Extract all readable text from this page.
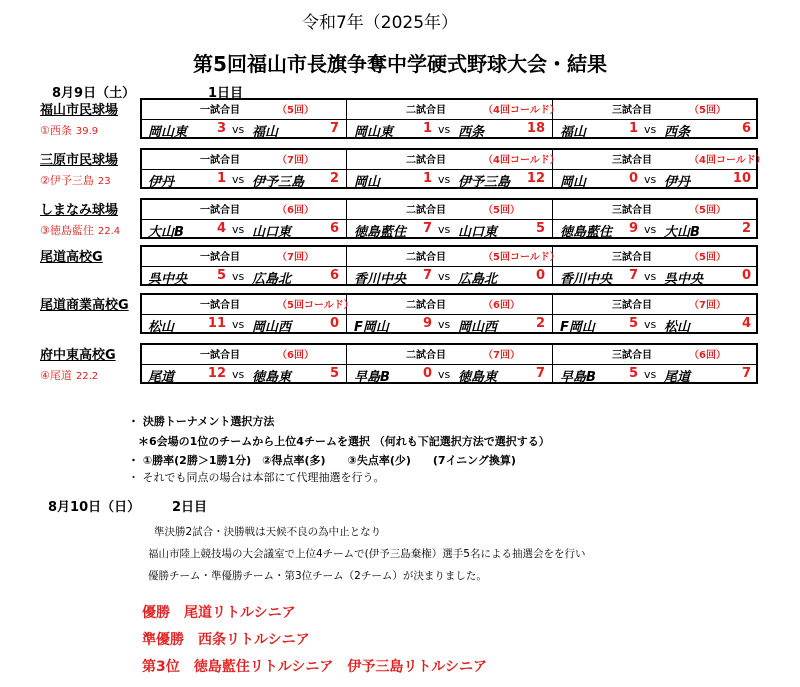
令和7年（2025年）
第5回福山市長旗争奪中学硬式野球大会・結果
8月9日（土）	1日目
福山市民球場
①西条 39.9
一試合目	（5回）
岡山東	3 vs 福山	7
二試合目	（4回コールド）
岡山東	1 vs 西条	18
三試合目	（5回）
福山	1 vs 西条	6
三原市民球場
②伊予三島 23
一試合目	（7回）
伊丹	1 vs 伊予三島	2
二試合目	（4回コールド）
岡山	1 vs 伊予三島	12
三試合目	（4回コールド）
岡山	0 vs 伊丹	10
しまなみ球場
③徳島藍住 22.4
一試合目	（6回）
大山B	4 vs 山口東	6
二試合目	（5回）
徳島藍住	7 vs 山口東	5
三試合目	（5回）
徳島藍住	9 vs 大山B	2
尾道高校G	一試合目	（7回）
呉中央	5 vs 広島北	6
二試合目	（5回コールド）
香川中央	7 vs 広島北	0
三試合目	（5回）
香川中央	7 vs 呉中央	0
尾道商業高校G	一試合目	（5回コールド）
松山	11 vs 岡山西	0
二試合目	（6回）
F岡山	9 vs 岡山西	2
三試合目	（7回）
F岡山	5 vs 松山	4
府中東高校G
④尾道 22.2
一試合目	（6回）
尾道	12 vs 徳島東	5
二試合目	（7回）
早島B	0 vs 徳島東	7
三試合目	（6回）
早島B	5 vs 尾道	7
・ 決勝トーナメント選択方法
＊6会場の1位のチームから上位4チームを選択 （何れも下記選択方法で選択する）
・ ①勝率(2勝＞1勝1分)　②得点率(多)　　③失点率(少)　　(7イニング換算)
・ それでも同点の場合は本部にて代理抽選を行う。
8月10日（日） 2日目
準決勝2試合・決勝戦は天候不良の為中止となり
福山市陸上競技場の大会議室で上位4チームで(伊予三島棄権）選手5名による抽選会をを行い
優勝チーム・準優勝チーム・第3位チーム（2チーム）が決まりました。
優勝　尾道リトルシニア
準優勝　西条リトルシニア
第3位　徳島藍住リトルシニア　伊予三島リトルシニア
